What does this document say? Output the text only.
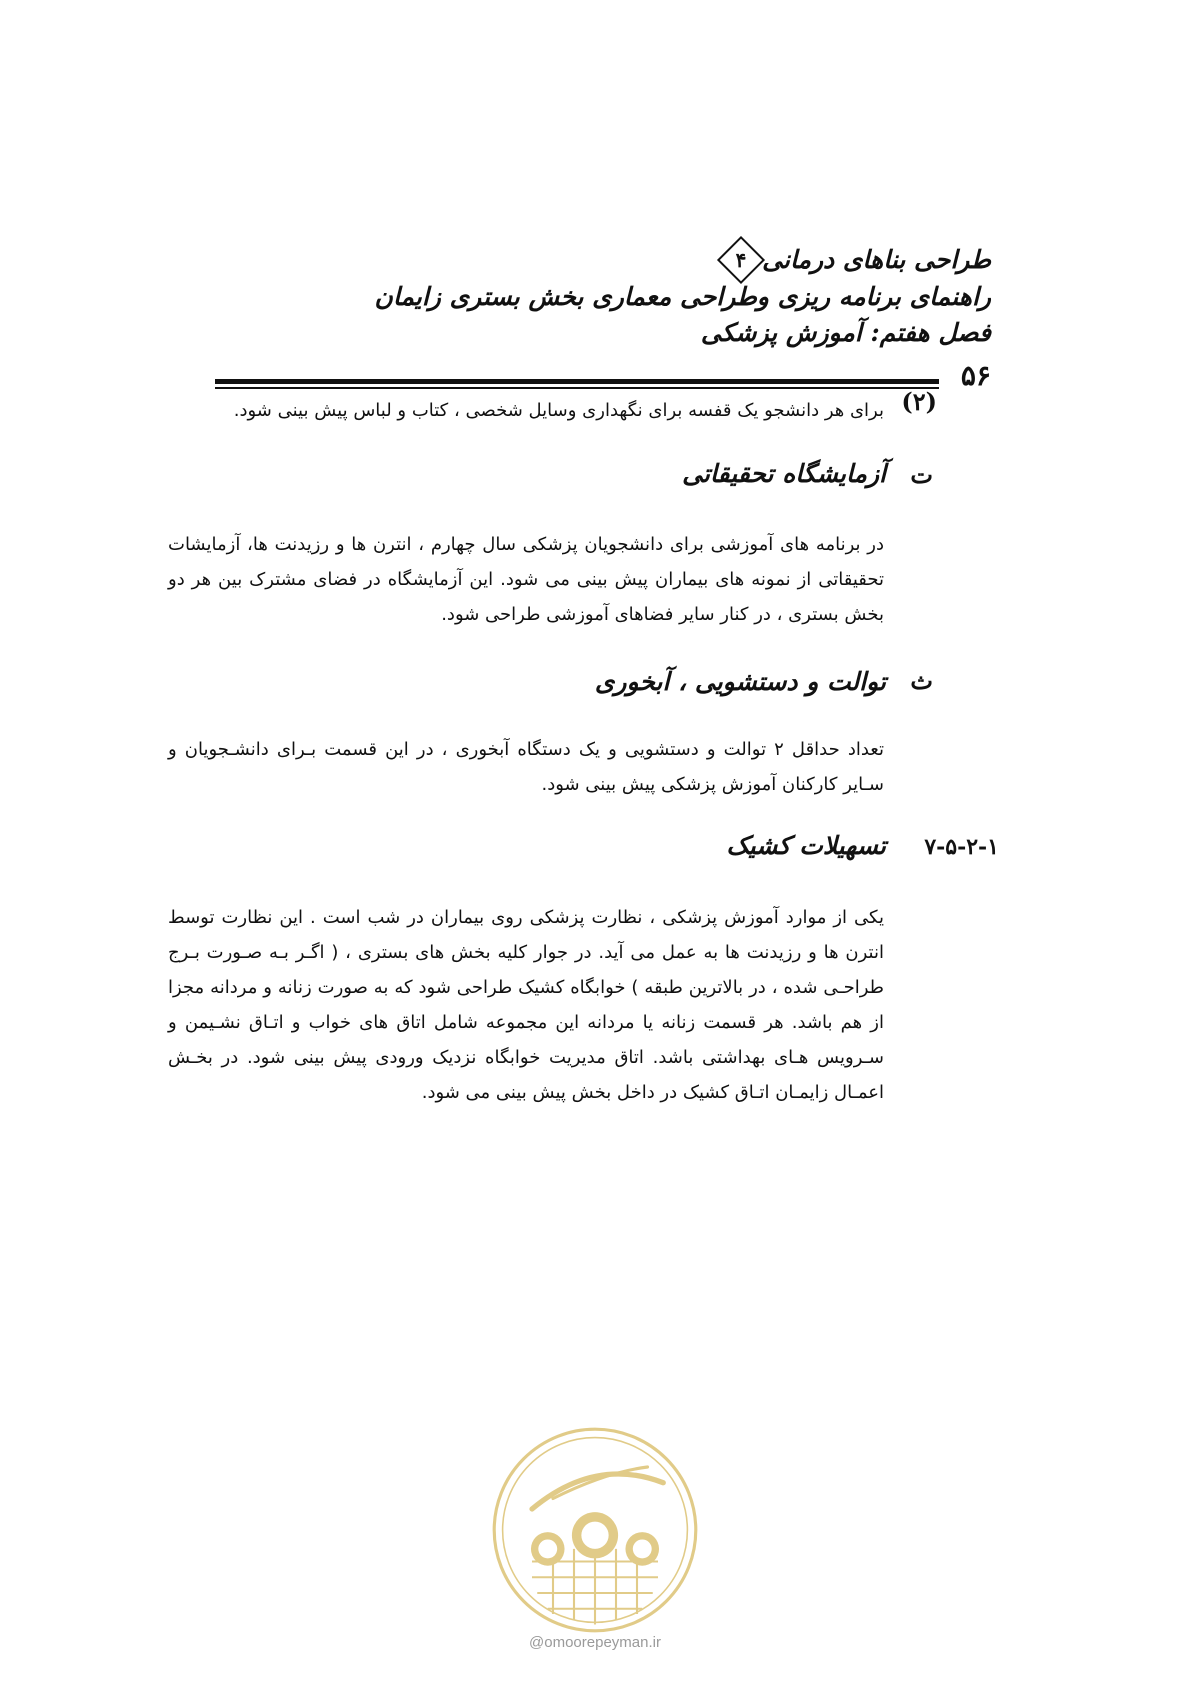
طراحی بناهای درمانی
۴
راهنمای برنامه ریزی وطراحی معماری بخش بستری زایمان
فصل هفتم: آموزش پزشکی
۵۶
(۲)

برای هر دانشجو یک قفسه برای نگهداری وسایل شخصی ، کتاب و لباس پیش بینی شود.

ت
آزمایشگاه تحقیقاتی

در برنامه های آموزشی برای دانشجویان پزشکی سال چهارم ، انترن ها و رزیدنت ها، آزمایشات تحقیقاتی از نمونه های بیماران پیش بینی می شود. این آزمایشگاه در فضای مشترک بین هر دو بخش بستری ، در کنار سایر فضاهای آموزشی طراحی شود.

ث
توالت و دستشویی ، آبخوری

تعداد حداقل ۲ توالت و دستشویی و یک دستگاه آبخوری ، در این قسمت بـرای دانشـجویان و سـایر کارکنان آموزش پزشکی پیش بینی شود.

۷-۵-۲-۱
تسهیلات کشیک

یکی از موارد آموزش پزشکی ، نظارت پزشکی روی بیماران در شب است . این نظارت توسط انترن ها و رزیدنت ها به عمل می آید. در جوار کلیه بخش های بستری ، ( اگـر بـه صـورت بـرج طراحـی شده ، در بالاترین طبقه ) خوابگاه کشیک طراحی شود که به صورت زنانه و مردانه مجزا از هم باشد. هر قسمت زنانه یا مردانه این مجموعه شامل اتاق های خواب و اتـاق نشـیمن و سـرویس هـای بهداشتی باشد. اتاق مدیریت خوابگاه نزدیک ورودی پیش بینی شود. در بخـش اعمـال زایمـان اتـاق کشیک در داخل بخش پیش بینی می شود.

@omoorepeyman.ir
